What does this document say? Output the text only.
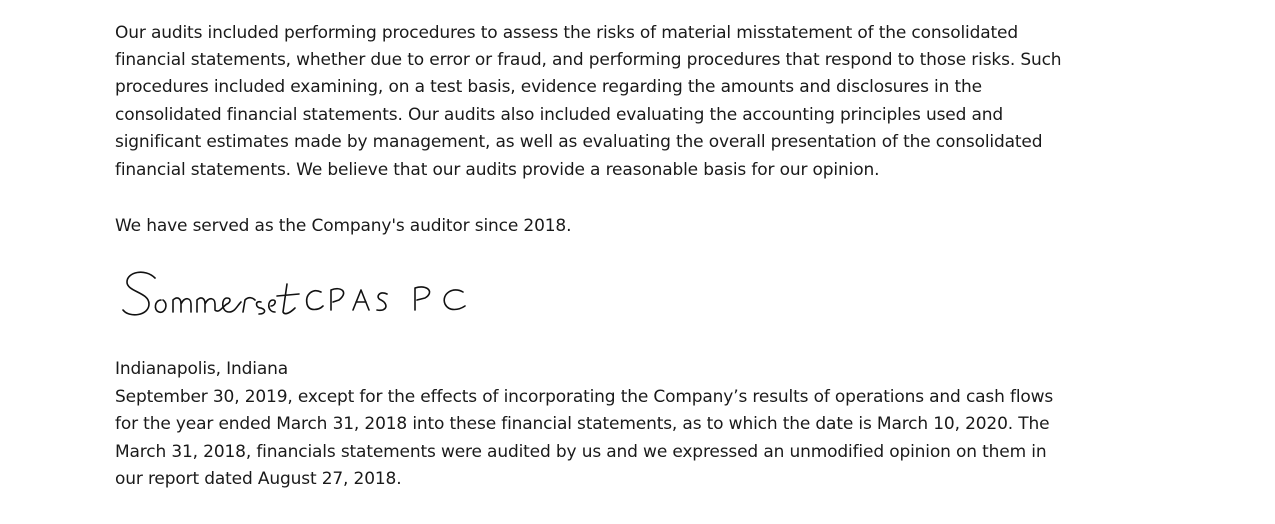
Our audits included performing procedures to assess the risks of material misstatement of the consolidated
financial statements, whether due to error or fraud, and performing procedures that respond to those risks. Such
procedures included examining, on a test basis, evidence regarding the amounts and disclosures in the
consolidated financial statements. Our audits also included evaluating the accounting principles used and
significant estimates made by management, as well as evaluating the overall presentation of the consolidated
financial statements. We believe that our audits provide a reasonable basis for our opinion.
We have served as the Company's auditor since 2018.
Indianapolis, Indiana
September 30, 2019, except for the effects of incorporating the Company’s results of operations and cash flows
for the year ended March 31, 2018 into these financial statements, as to which the date is March 10, 2020. The
March 31, 2018, financials statements were audited by us and we expressed an unmodified opinion on them in
our report dated August 27, 2018.
